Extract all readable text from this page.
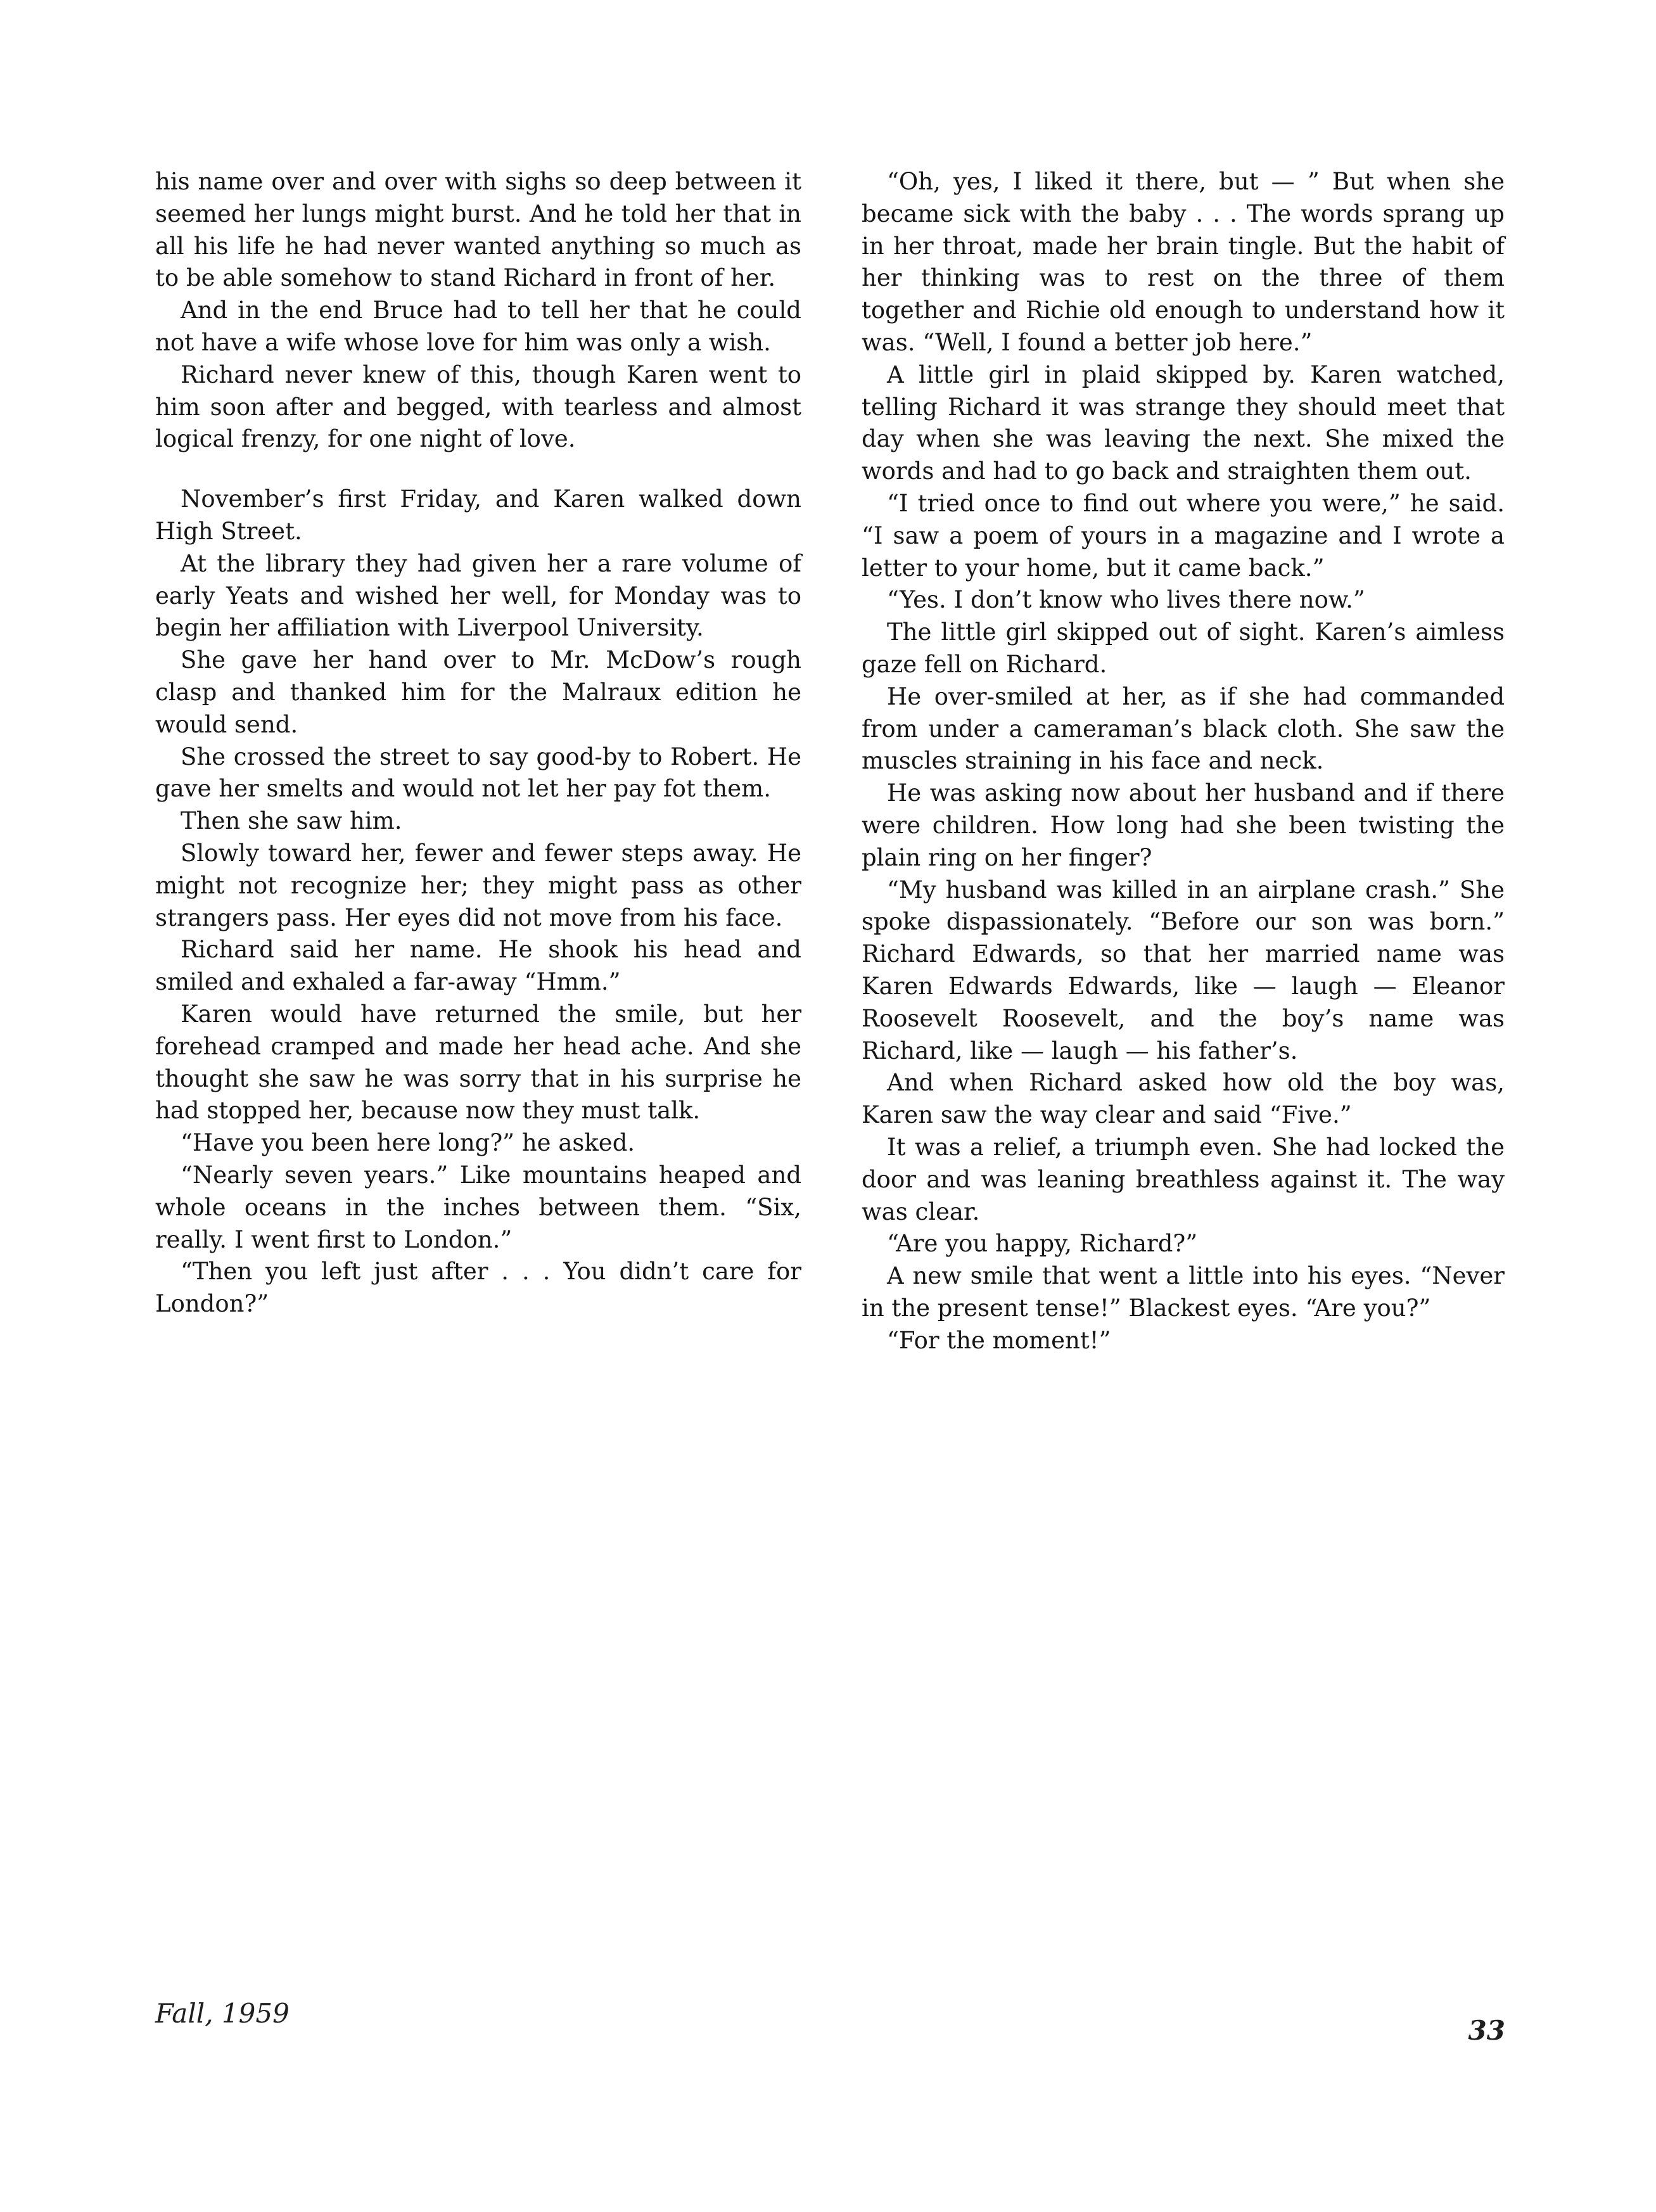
his name over and over with sighs so deep between it seemed her lungs might burst. And he told her that in all his life he had never wanted anything so much as to be able somehow to stand Richard in front of her.

And in the end Bruce had to tell her that he could not have a wife whose love for him was only a wish.

Richard never knew of this, though Karen went to him soon after and begged, with tearless and almost logical frenzy, for one night of love.

November’s first Friday, and Karen walked down High Street.

At the library they had given her a rare volume of early Yeats and wished her well, for Monday was to begin her affiliation with Liverpool University.

She gave her hand over to Mr. McDow’s rough clasp and thanked him for the Malraux edition he would send.

She crossed the street to say good-by to Robert. He gave her smelts and would not let her pay fot them.

Then she saw him.

Slowly toward her, fewer and fewer steps away. He might not recognize her; they might pass as other strangers pass. Her eyes did not move from his face.

Richard said her name. He shook his head and smiled and exhaled a far-away “Hmm.”

Karen would have returned the smile, but her forehead cramped and made her head ache. And she thought she saw he was sorry that in his surprise he had stopped her, because now they must talk.

“Have you been here long?” he asked.

“Nearly seven years.” Like mountains heaped and whole oceans in the inches between them. “Six, really. I went first to London.”

“Then you left just after . . . You didn’t care for London?”

“Oh, yes, I liked it there, but — ” But when she became sick with the baby . . . The words sprang up in her throat, made her brain tingle. But the habit of her thinking was to rest on the three of them together and Richie old enough to understand how it was. “Well, I found a better job here.”

A little girl in plaid skipped by. Karen watched, telling Richard it was strange they should meet that day when she was leaving the next. She mixed the words and had to go back and straighten them out.

“I tried once to find out where you were,” he said. “I saw a poem of yours in a magazine and I wrote a letter to your home, but it came back.”

“Yes. I don’t know who lives there now.”

The little girl skipped out of sight. Karen’s aimless gaze fell on Richard.

He over-smiled at her, as if she had commanded from under a cameraman’s black cloth. She saw the muscles straining in his face and neck.

He was asking now about her husband and if there were children. How long had she been twisting the plain ring on her finger?

“My husband was killed in an airplane crash.” She spoke dispassionately. “Before our son was born.” Richard Edwards, so that her married name was Karen Edwards Edwards, like — laugh — Eleanor Roosevelt Roosevelt, and the boy’s name was Richard, like — laugh — his father’s.

And when Richard asked how old the boy was, Karen saw the way clear and said “Five.”

It was a relief, a triumph even. She had locked the door and was leaning breathless against it. The way was clear.

“Are you happy, Richard?”

A new smile that went a little into his eyes. “Never in the present tense!” Blackest eyes. “Are you?”

“For the moment!”

Fall, 1959
33
